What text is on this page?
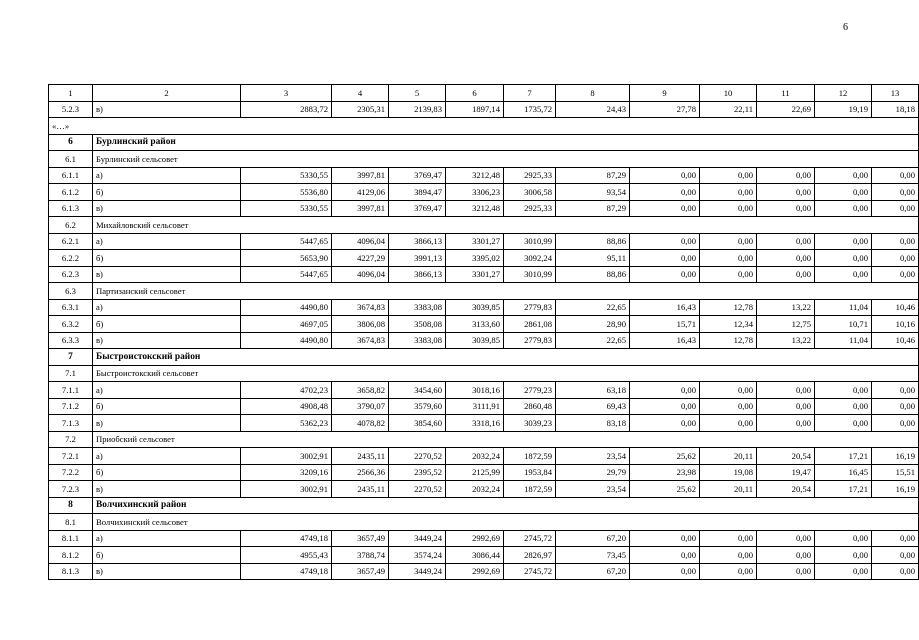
6
1	2	3	4	5	6	7	8	9	10	11	12	13
5.2.3	в)	2883,72	2305,31	2139,83	1897,14	1735,72	24,43	27,78	22,11	22,69	19,19	18,18
«…»												
6	Бурлинский район											
6.1	Бурлинский сельсовет											
6.1.1	а)	5330,55	3997,81	3769,47	3212,48	2925,33	87,29	0,00	0,00	0,00	0,00	0,00
6.1.2	б)	5536,80	4129,06	3894,47	3306,23	3006,58	93,54	0,00	0,00	0,00	0,00	0,00
6.1.3	в)	5330,55	3997,81	3769,47	3212,48	2925,33	87,29	0,00	0,00	0,00	0,00	0,00
6.2	Михайловский сельсовет											
6.2.1	а)	5447,65	4096,04	3866,13	3301,27	3010,99	88,86	0,00	0,00	0,00	0,00	0,00
6.2.2	б)	5653,90	4227,29	3991,13	3395,02	3092,24	95,11	0,00	0,00	0,00	0,00	0,00
6.2.3	в)	5447,65	4096,04	3866,13	3301,27	3010,99	88,86	0,00	0,00	0,00	0,00	0,00
6.3	Партизанский сельсовет											
6.3.1	а)	4490,80	3674,83	3383,08	3039,85	2779,83	22,65	16,43	12,78	13,22	11,04	10,46
6.3.2	б)	4697,05	3806,08	3508,08	3133,60	2861,08	28,90	15,71	12,34	12,75	10,71	10,16
6.3.3	в)	4490,80	3674,83	3383,08	3039,85	2779,83	22,65	16,43	12,78	13,22	11,04	10,46
7	Быстроистокский район											
7.1	Быстроистокский сельсовет											
7.1.1	а)	4702,23	3658,82	3454,60	3018,16	2779,23	63,18	0,00	0,00	0,00	0,00	0,00
7.1.2	б)	4908,48	3790,07	3579,60	3111,91	2860,48	69,43	0,00	0,00	0,00	0,00	0,00
7.1.3	в)	5362,23	4078,82	3854,60	3318,16	3039,23	83,18	0,00	0,00	0,00	0,00	0,00
7.2	Приобский сельсовет											
7.2.1	а)	3002,91	2435,11	2270,52	2032,24	1872,59	23,54	25,62	20,11	20,54	17,21	16,19
7.2.2	б)	3209,16	2566,36	2395,52	2125,99	1953,84	29,79	23,98	19,08	19,47	16,45	15,51
7.2.3	в)	3002,91	2435,11	2270,52	2032,24	1872,59	23,54	25,62	20,11	20,54	17,21	16,19
8	Волчихинский район											
8.1	Волчихинский сельсовет											
8.1.1	а)	4749,18	3657,49	3449,24	2992,69	2745,72	67,20	0,00	0,00	0,00	0,00	0,00
8.1.2	б)	4955,43	3788,74	3574,24	3086,44	2826,97	73,45	0,00	0,00	0,00	0,00	0,00
8.1.3	в)	4749,18	3657,49	3449,24	2992,69	2745,72	67,20	0,00	0,00	0,00	0,00	0,00
